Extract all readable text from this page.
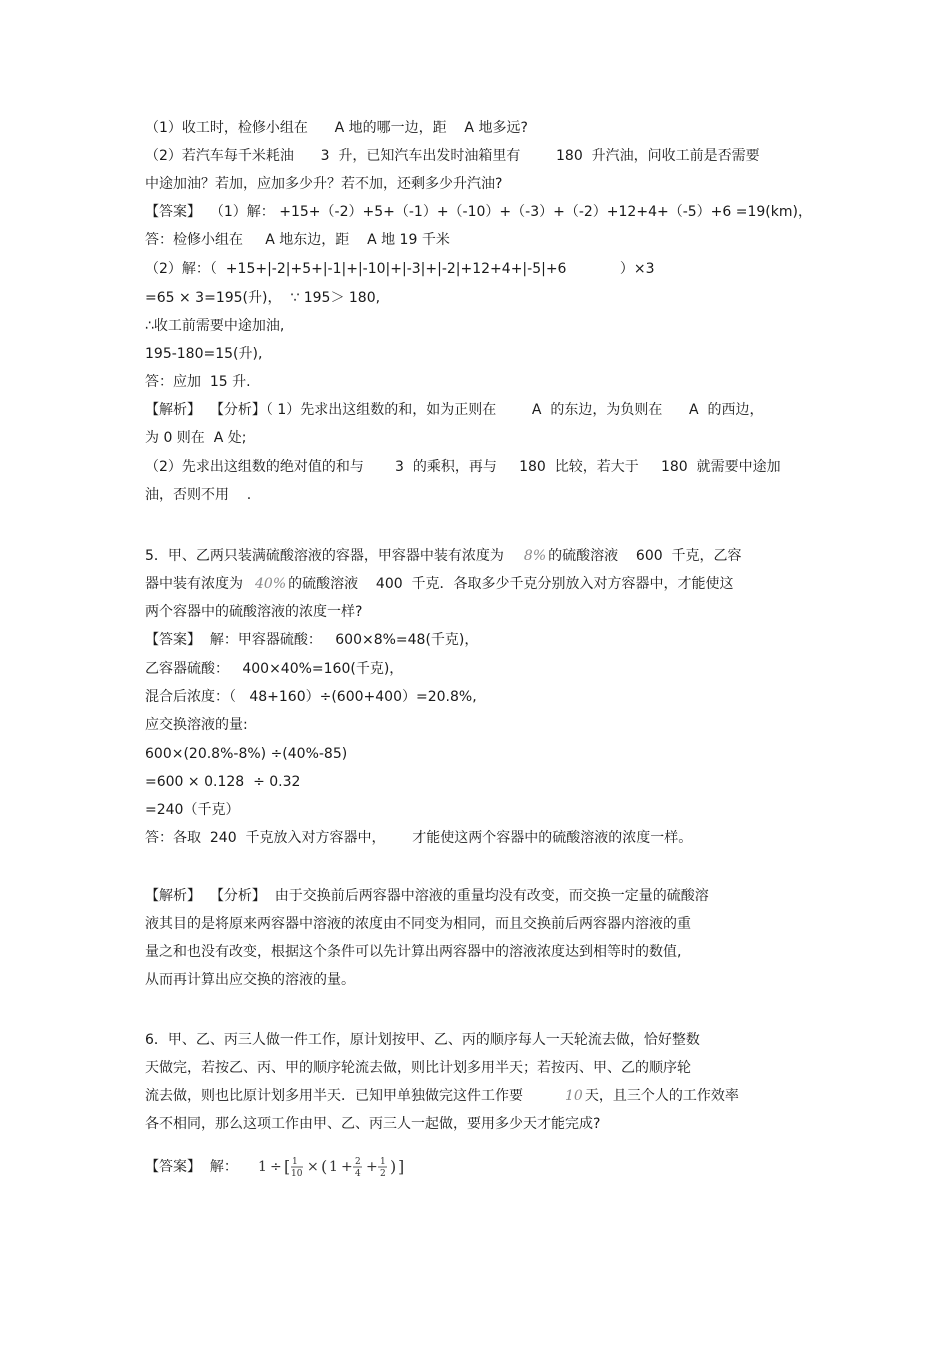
（1）收工时，检修小组在      A 地的哪一边，距    A 地多远?
（2）若汽车每千米耗油      3  升，已知汽车出发时油箱里有        180  升汽油，问收工前是否需要
中途加油？若加，应加多少升？若不加，还剩多少升汽油?
【答案】  （1）解： +15+（-2）+5+（-1）+（-10）+（-3）+（-2）+12+4+（-5）+6 =19(km)，
答：检修小组在     A 地东边，距    A 地 19 千米
（2）解：（  +15+|-2|+5+|-1|+|-10|+|-3|+|-2|+12+4+|-5|+6            ）×3
=65 × 3=195(升)，  ∵ 195＞ 180,
∴收工前需要中途加油,
195-180=15(升),
答：应加  15 升.
【解析】  【分析】（ 1）先求出这组数的和，如为正则在        A  的东边，为负则在      A  的西边，
为 0 则在  A 处;
（2）先求出这组数的绝对值的和与       3  的乘积，再与     180  比较，若大于     180  就需要中途加
油，否则不用    .
5．甲、乙两只装满硫酸溶液的容器，甲容器中装有浓度为 8% 的硫酸溶液    600  千克，乙容
器中装有浓度为 40% 的硫酸溶液    400  千克．各取多少千克分别放入对方容器中，才能使这
两个容器中的硫酸溶液的浓度一样?
【答案】  解：甲容器硫酸：   600×8%=48(千克)，
乙容器硫酸：   400×40%=160(千克)，
混合后浓度：（   48+160）÷(600+400）=20.8%,
应交换溶液的量:
600×(20.8%-8%) ÷(40%-85)
=600 × 0.128  ÷ 0.32
=240（千克）
答：各取  240  千克放入对方容器中，      才能使这两个容器中的硫酸溶液的浓度一样。
【解析】  【分析】  由于交换前后两容器中溶液的重量均没有改变，而交换一定量的硫酸溶
液其目的是将原来两容器中溶液的浓度由不同变为相同，而且交换前后两容器内溶液的重
量之和也没有改变，根据这个条件可以先计算出两容器中的溶液浓度达到相等时的数值,
从而再计算出应交换的溶液的量。
6．甲、乙、丙三人做一件工作，原计划按甲、乙、丙的顺序每人一天轮流去做，恰好整数
天做完，若按乙、丙、甲的顺序轮流去做，则比计划多用半天；若按丙、甲、乙的顺序轮
流去做，则也比原计划多用半天．已知甲单独做完这件工作要	10 天，且三个人的工作效率
各不相同，那么这项工作由甲、乙、丙三人一起做，要用多少天才能完成?
【答案】  解： 1 ÷ [ 1
10 × ( 1 + 2
4 + 1
2 ) ]
